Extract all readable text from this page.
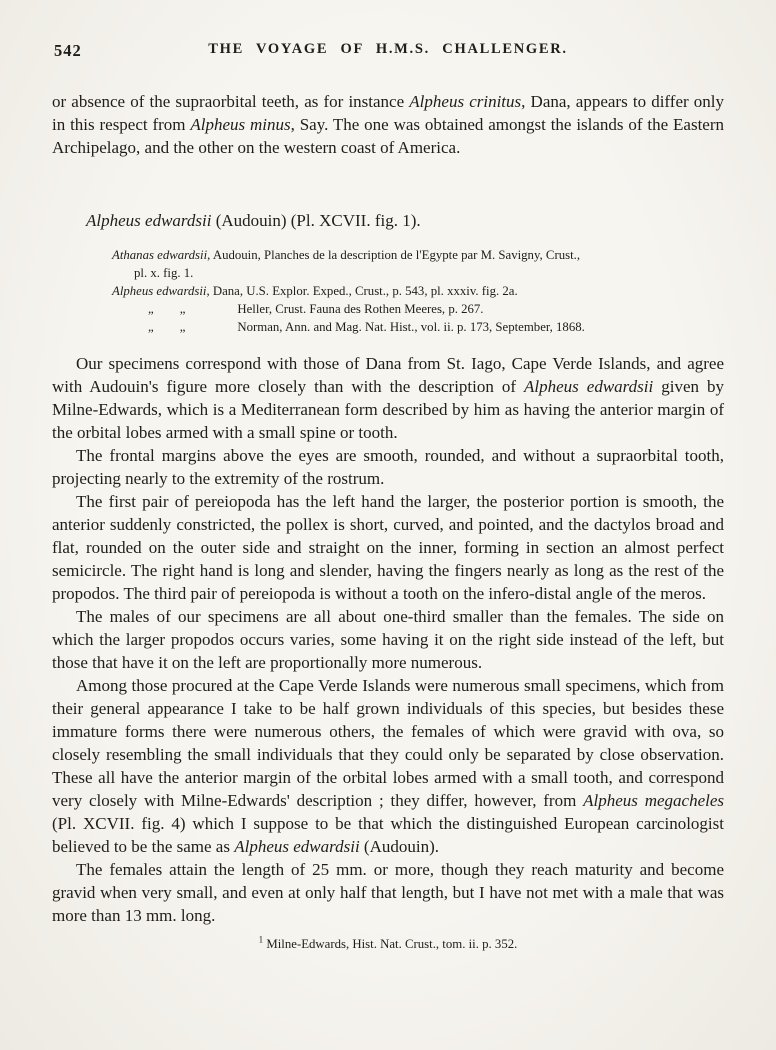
542	THE VOYAGE OF H.M.S. CHALLENGER.

or absence of the supraorbital teeth, as for instance Alpheus crinitus, Dana, appears to differ only in this respect from Alpheus minus, Say. The one was obtained amongst the islands of the Eastern Archipelago, and the other on the western coast of America.

Alpheus edwardsii (Audouin) (Pl. XCVII. fig. 1).

Athanas edwardsii, Audouin, Planches de la description de l'Egypte par M. Savigny, Crust.,

pl. x. fig. 1.

Alpheus edwardsii, Dana, U.S. Explor. Exped., Crust., p. 543, pl. xxxiv. fig. 2a.

„ „	Heller, Crust. Fauna des Rothen Meeres, p. 267.

„ „	Norman, Ann. and Mag. Nat. Hist., vol. ii. p. 173, September, 1868.

Our specimens correspond with those of Dana from St. Iago, Cape Verde Islands, and agree with Audouin's figure more closely than with the description of Alpheus edwardsii given by Milne-Edwards, which is a Mediterranean form described by him as having the anterior margin of the orbital lobes armed with a small spine or tooth.

The frontal margins above the eyes are smooth, rounded, and without a supraorbital tooth, projecting nearly to the extremity of the rostrum.

The first pair of pereiopoda has the left hand the larger, the posterior portion is smooth, the anterior suddenly constricted, the pollex is short, curved, and pointed, and the dactylos broad and flat, rounded on the outer side and straight on the inner, forming in section an almost perfect semicircle. The right hand is long and slender, having the fingers nearly as long as the rest of the propodos. The third pair of pereiopoda is without a tooth on the infero-distal angle of the meros.

The males of our specimens are all about one-third smaller than the females. The side on which the larger propodos occurs varies, some having it on the right side instead of the left, but those that have it on the left are proportionally more numerous.

Among those procured at the Cape Verde Islands were numerous small specimens, which from their general appearance I take to be half grown individuals of this species, but besides these immature forms there were numerous others, the females of which were gravid with ova, so closely resembling the small individuals that they could only be separated by close observation. These all have the anterior margin of the orbital lobes armed with a small tooth, and correspond very closely with Milne-Edwards' description ; they differ, however, from Alpheus megacheles (Pl. XCVII. fig. 4) which I suppose to be that which the distinguished European carcinologist believed to be the same as Alpheus edwardsii (Audouin).

The females attain the length of 25 mm. or more, though they reach maturity and become gravid when very small, and even at only half that length, but I have not met with a male that was more than 13 mm. long.

$^1$ Milne-Edwards, Hist. Nat. Crust., tom. ii. p. 352.
